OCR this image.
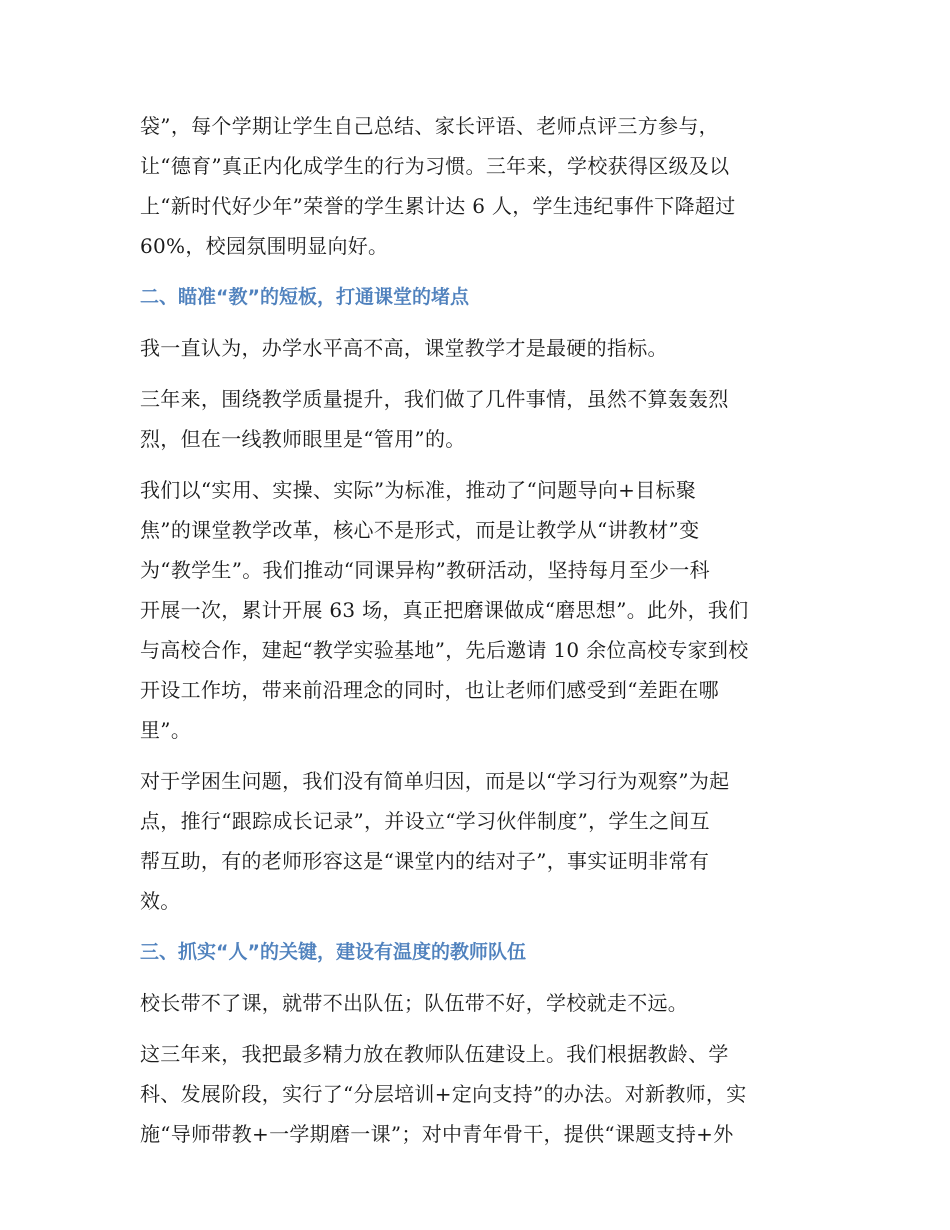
袋”，每个学期让学生自己总结、家长评语、老师点评三方参与，
让“德育”真正内化成学生的行为习惯。三年来，学校获得区级及以
上“新时代好少年”荣誉的学生累计达 6 人，学生违纪事件下降超过
60%，校园氛围明显向好。

二、瞄准“教”的短板，打通课堂的堵点

我一直认为，办学水平高不高，课堂教学才是最硬的指标。

三年来，围绕教学质量提升，我们做了几件事情，虽然不算轰轰烈
烈，但在一线教师眼里是“管用”的。

我们以“实用、实操、实际”为标准，推动了“问题导向+目标聚
焦”的课堂教学改革，核心不是形式，而是让教学从“讲教材”变
为“教学生”。我们推动“同课异构”教研活动，坚持每月至少一科
开展一次，累计开展 63 场，真正把磨课做成“磨思想”。此外，我们
与高校合作，建起“教学实验基地”，先后邀请 10 余位高校专家到校
开设工作坊，带来前沿理念的同时，也让老师们感受到“差距在哪
里”。

对于学困生问题，我们没有简单归因，而是以“学习行为观察”为起
点，推行“跟踪成长记录”，并设立“学习伙伴制度”，学生之间互
帮互助，有的老师形容这是“课堂内的结对子”，事实证明非常有
效。

三、抓实“人”的关键，建设有温度的教师队伍

校长带不了课，就带不出队伍；队伍带不好，学校就走不远。

这三年来，我把最多精力放在教师队伍建设上。我们根据教龄、学
科、发展阶段，实行了“分层培训+定向支持”的办法。对新教师，实
施“导师带教+一学期磨一课”；对中青年骨干，提供“课题支持+外
